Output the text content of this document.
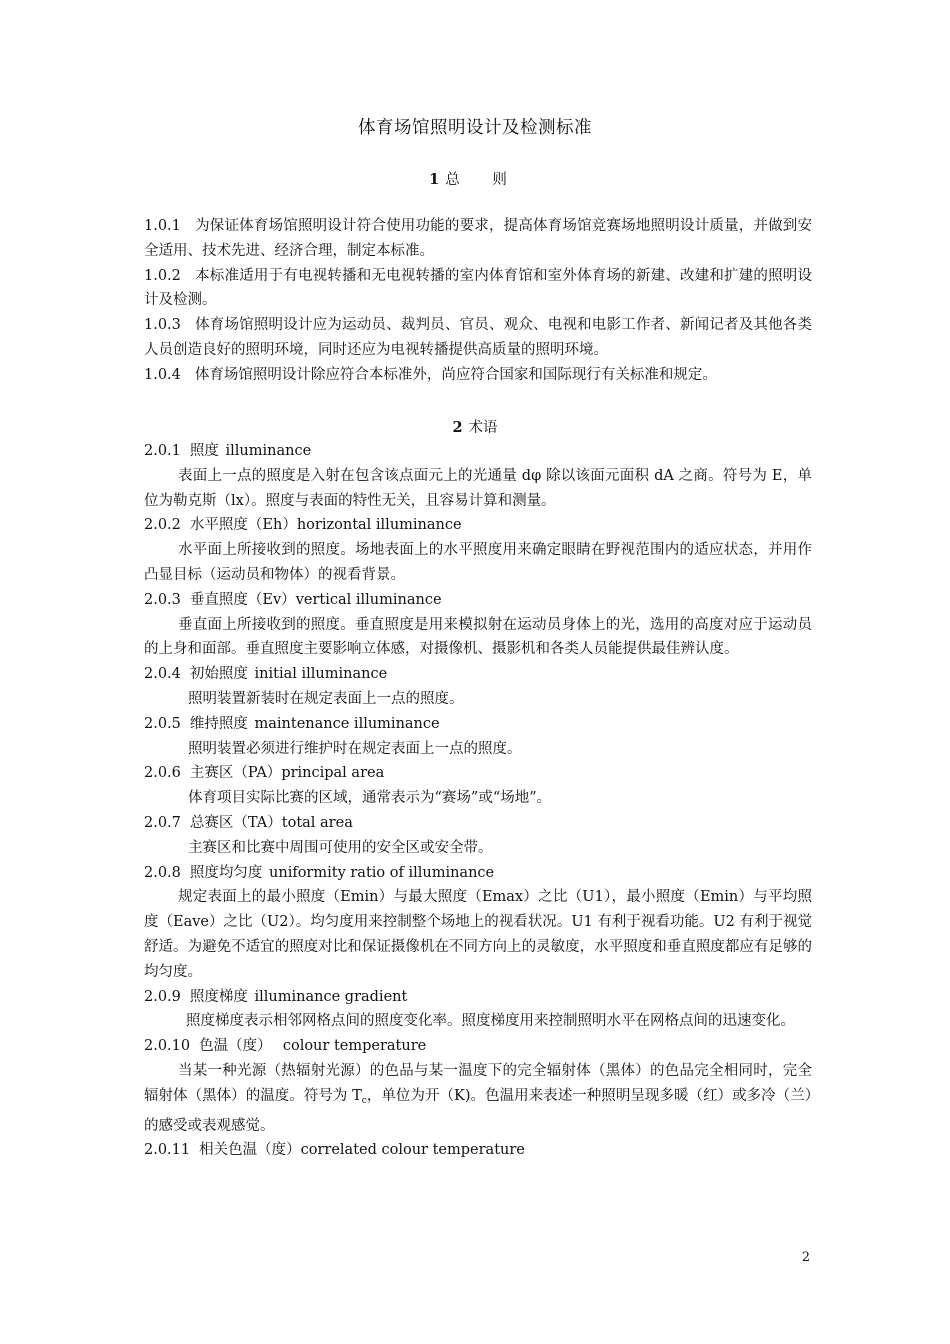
体育场馆照明设计及检测标准
1 总 则

1.0.1 为保证体育场馆照明设计符合使用功能的要求，提高体育场馆竞赛场地照明设计质量，并做到安全适用、技术先进、经济合理，制定本标准。

1.0.2 本标准适用于有电视转播和无电视转播的室内体育馆和室外体育场的新建、改建和扩建的照明设计及检测。

1.0.3 体育场馆照明设计应为运动员、裁判员、官员、观众、电视和电影工作者、新闻记者及其他各类人员创造良好的照明环境，同时还应为电视转播提供高质量的照明环境。

1.0.4 体育场馆照明设计除应符合本标准外，尚应符合国家和国际现行有关标准和规定。

2 术语

2.0.1 照度 illuminance

表面上一点的照度是入射在包含该点面元上的光通量 dφ 除以该面元面积 dA 之商。符号为 E，单位为勒克斯（lx）。照度与表面的特性无关，且容易计算和测量。

2.0.2 水平照度（Eh）horizontal illuminance

水平面上所接收到的照度。场地表面上的水平照度用来确定眼睛在野视范围内的适应状态，并用作凸显目标（运动员和物体）的视看背景。

2.0.3 垂直照度（Ev）vertical illuminance

垂直面上所接收到的照度。垂直照度是用来模拟射在运动员身体上的光，选用的高度对应于运动员的上身和面部。垂直照度主要影响立体感，对摄像机、摄影机和各类人员能提供最佳辨认度。

2.0.4 初始照度 initial illuminance

照明装置新装时在规定表面上一点的照度。

2.0.5 维持照度 maintenance illuminance

照明装置必须进行维护时在规定表面上一点的照度。

2.0.6 主赛区（PA）principal area

体育项目实际比赛的区域，通常表示为“赛场”或“场地”。

2.0.7 总赛区（TA）total area

主赛区和比赛中周围可使用的安全区或安全带。

2.0.8 照度均匀度 uniformity ratio of illuminance

规定表面上的最小照度（Emin）与最大照度（Emax）之比（U1），最小照度（Emin）与平均照度（Eave）之比（U2）。均匀度用来控制整个场地上的视看状况。U1 有利于视看功能。U2 有利于视觉舒适。为避免不适宜的照度对比和保证摄像机在不同方向上的灵敏度，水平照度和垂直照度都应有足够的均匀度。

2.0.9 照度梯度 illuminance gradient

照度梯度表示相邻网格点间的照度变化率。照度梯度用来控制照明水平在网格点间的迅速变化。

2.0.10 色温（度） colour temperature

当某一种光源（热辐射光源）的色品与某一温度下的完全辐射体（黑体）的色品完全相同时，完全辐射体（黑体）的温度。符号为 $T_c$，单位为开（K)。色温用来表述一种照明呈现多暖（红）或多冷（兰）的感受或表观感觉。

2.0.11 相关色温（度）correlated colour temperature

2
